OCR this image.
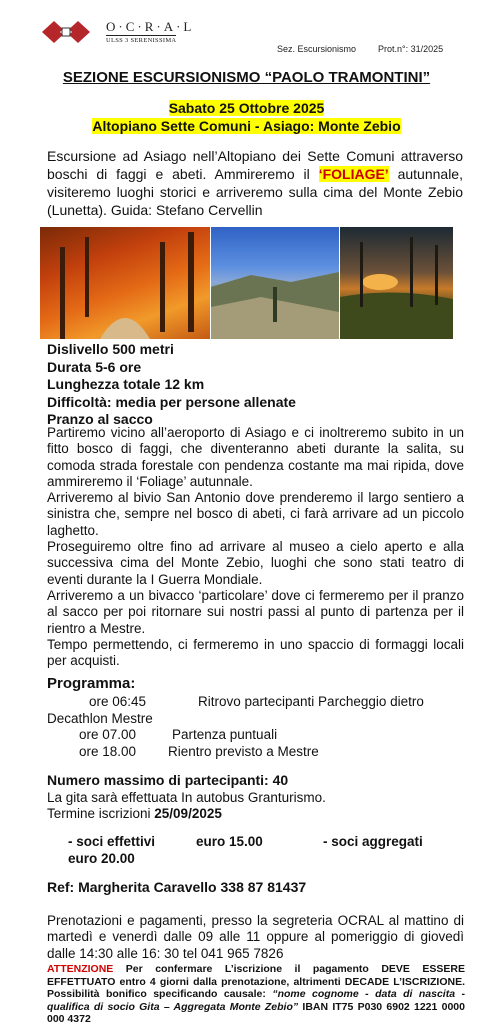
O·C·R·A·L
ULSS 3 SERENISSIMA
Sez. Escursionismo Prot.n°: 31/2025
SEZIONE ESCURSIONISMO “PAOLO TRAMONTINI”
Sabato 25 Ottobre 2025
Altopiano Sette Comuni - Asiago: Monte Zebio
Escursione ad Asiago nell’Altopiano dei Sette Comuni attraverso boschi di faggi e abeti. Ammireremo il ‘FOLIAGE’ autunnale, visiteremo luoghi storici e arriveremo sulla cima del Monte Zebio (Lunetta). Guida: Stefano Cervellin
Dislivello 500 metri
Durata 5-6 ore
Lunghezza totale 12 km
Difficoltà: media per persone allenate
Pranzo al sacco

Partiremo vicino all’aeroporto di Asiago e ci inoltreremo subito in un fitto bosco di faggi, che diventeranno abeti durante la salita, su comoda strada forestale con pendenza costante ma mai ripida, dove ammireremo il ‘Foliage’ autunnale.

Arriveremo al bivio San Antonio dove prenderemo il largo sentiero a sinistra che, sempre nel bosco di abeti, ci farà arrivare ad un piccolo laghetto.

Proseguiremo oltre fino ad arrivare al museo a cielo aperto e alla successiva cima del Monte Zebio, luoghi che sono stati teatro di eventi durante la I Guerra Mondiale.

Arriveremo a un bivacco ‘particolare’ dove ci fermeremo per il pranzo al sacco per poi ritornare sui nostri passi al punto di partenza per il rientro a Mestre.

Tempo permettendo, ci fermeremo in uno spaccio di formaggi locali per acquisti.

Programma:
ore 06:45	Ritrovo partecipanti Parcheggio dietro
Decathlon Mestre
ore 07.00	Partenza puntuali
ore 18.00 Rientro previsto a Mestre
Numero massimo di partecipanti: 40
La gita sarà effettuata In autobus Granturismo.
Termine iscrizioni 25/09/2025
- soci effettivi	euro 15.00	- soci aggregati
euro 20.00
Ref: Margherita Caravello 338 87 81437
Prenotazioni e pagamenti, presso la segreteria OCRAL al mattino di martedì e venerdì dalle 09 alle 11 oppure al pomeriggio di giovedì dalle 14:30 alle 16: 30 tel 041 965 7826
ATTENZIONE Per confermare L’iscrizione il pagamento DEVE ESSERE EFFETTUATO entro 4 giorni dalla prenotazione, altrimenti DECADE L’ISCRIZIONE. Possibilità bonifico specificando causale: “nome cognome - data di nascita - qualifica di socio Gita – Aggregata Monte Zebio” IBAN IT75 P030 6902 1221 0000 000 4372
